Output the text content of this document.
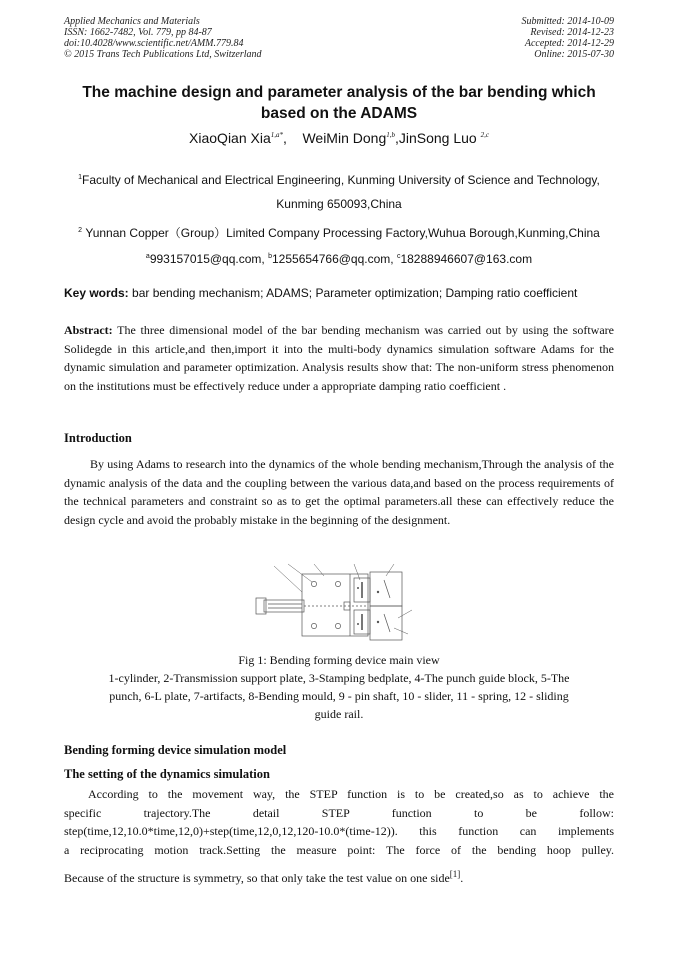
Applied Mechanics and Materials
ISSN: 1662-7482, Vol. 779, pp 84-87
doi:10.4028/www.scientific.net/AMM.779.84
© 2015 Trans Tech Publications Ltd, Switzerland
Submitted: 2014-10-09
Revised: 2014-12-23
Accepted: 2014-12-29
Online: 2015-07-30
The machine design and parameter analysis of the bar bending which
based on the ADAMS
XiaoQian Xia$^{1,a*}$, WeiMin Dong$^{1,b}$,JinSong Luo $^{2,c}$
$^1$Faculty of Mechanical and Electrical Engineering, Kunming University of Science and Technology,
Kunming 650093,China
$^2$ Yunnan Copper（Group）Limited Company Processing Factory,Wuhua Borough,Kunming,China
$^a$993157015@qq.com, $^b$1255654766@qq.com, $^c$18288946607@163.com
Key words: bar bending mechanism; ADAMS; Parameter optimization; Damping ratio coefficient
Abstract: The three dimensional model of the bar bending mechanism was carried out by using the software Solidegde in this article,and then,import it into the multi-body dynamics simulation software Adams for the dynamic simulation and parameter optimization. Analysis results show that: The non-uniform stress phenomenon on the institutions must be effectively reduce under a appropriate damping ratio coefficient .
Introduction
By using Adams to research into the dynamics of the whole bending mechanism,Through the analysis of the dynamic analysis of the data and the coupling between the various data,and based on the process requirements of the technical parameters and constraint so as to get the optimal parameters.all these can effectively reduce the design cycle and avoid the probably mistake in the beginning of the designment.
Fig 1: Bending forming device main view
1-cylinder, 2-Transmission support plate, 3-Stamping bedplate, 4-The punch guide block, 5-The
punch, 6-L plate, 7-artifacts, 8-Bending mould, 9 - pin shaft, 10 - slider, 11 - spring, 12 - sliding
guide rail.
Bending forming device simulation model
The setting of the dynamics simulation
According to the movement way, the STEP function is to be created,so as to achieve the
specific trajectory.The detail STEP function to be follow:
step(time,12,10.0*time,12,0)+step(time,12,0,12,120-10.0*(time-12)). this function can implements
a reciprocating motion track.Setting the measure point: The force of the bending hoop pulley.
Because of the structure is symmetry, so that only take the test value on one side[1].
